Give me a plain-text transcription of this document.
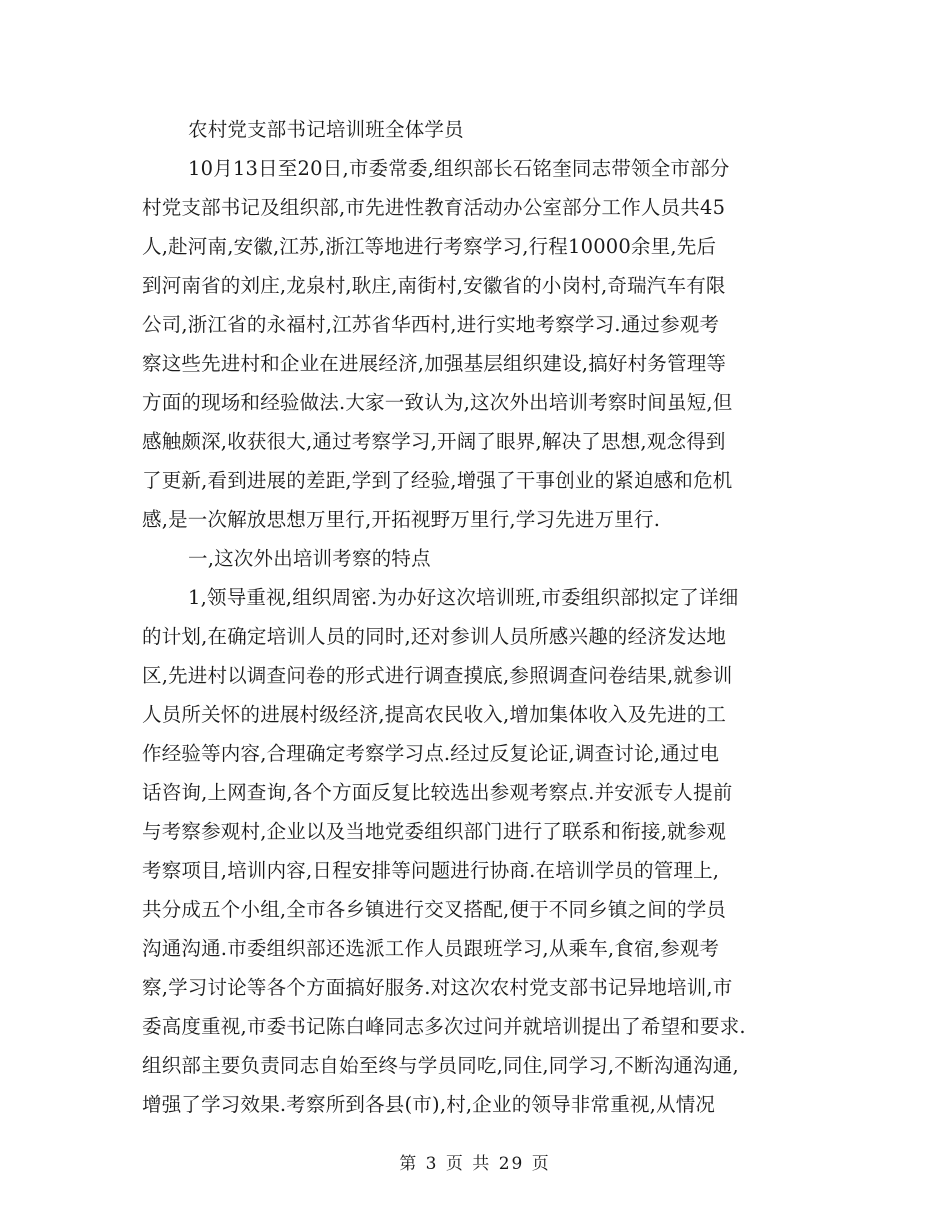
农村党支部书记培训班全体学员
10月13日至20日,市委常委,组织部长石铭奎同志带领全市部分
村党支部书记及组织部,市先进性教育活动办公室部分工作人员共45
人,赴河南,安徽,江苏,浙江等地进行考察学习,行程10000余里,先后
到河南省的刘庄,龙泉村,耿庄,南街村,安徽省的小岗村,奇瑞汽车有限
公司,浙江省的永福村,江苏省华西村,进行实地考察学习.通过参观考
察这些先进村和企业在进展经济,加强基层组织建设,搞好村务管理等
方面的现场和经验做法.大家一致认为,这次外出培训考察时间虽短,但
感触颇深,收获很大,通过考察学习,开阔了眼界,解决了思想,观念得到
了更新,看到进展的差距,学到了经验,增强了干事创业的紧迫感和危机
感,是一次解放思想万里行,开拓视野万里行,学习先进万里行.
一,这次外出培训考察的特点
1,领导重视,组织周密.为办好这次培训班,市委组织部拟定了详细
的计划,在确定培训人员的同时,还对参训人员所感兴趣的经济发达地
区,先进村以调查问卷的形式进行调查摸底,参照调查问卷结果,就参训
人员所关怀的进展村级经济,提高农民收入,增加集体收入及先进的工
作经验等内容,合理确定考察学习点.经过反复论证,调查讨论,通过电
话咨询,上网查询,各个方面反复比较选出参观考察点.并安派专人提前
与考察参观村,企业以及当地党委组织部门进行了联系和衔接,就参观
考察项目,培训内容,日程安排等问题进行协商.在培训学员的管理上,
共分成五个小组,全市各乡镇进行交叉搭配,便于不同乡镇之间的学员
沟通沟通.市委组织部还选派工作人员跟班学习,从乘车,食宿,参观考
察,学习讨论等各个方面搞好服务.对这次农村党支部书记异地培训,市
委高度重视,市委书记陈白峰同志多次过问并就培训提出了希望和要求.
组织部主要负责同志自始至终与学员同吃,同住,同学习,不断沟通沟通,
增强了学习效果.考察所到各县(市),村,企业的领导非常重视,从情况
第 3 页 共 29 页
